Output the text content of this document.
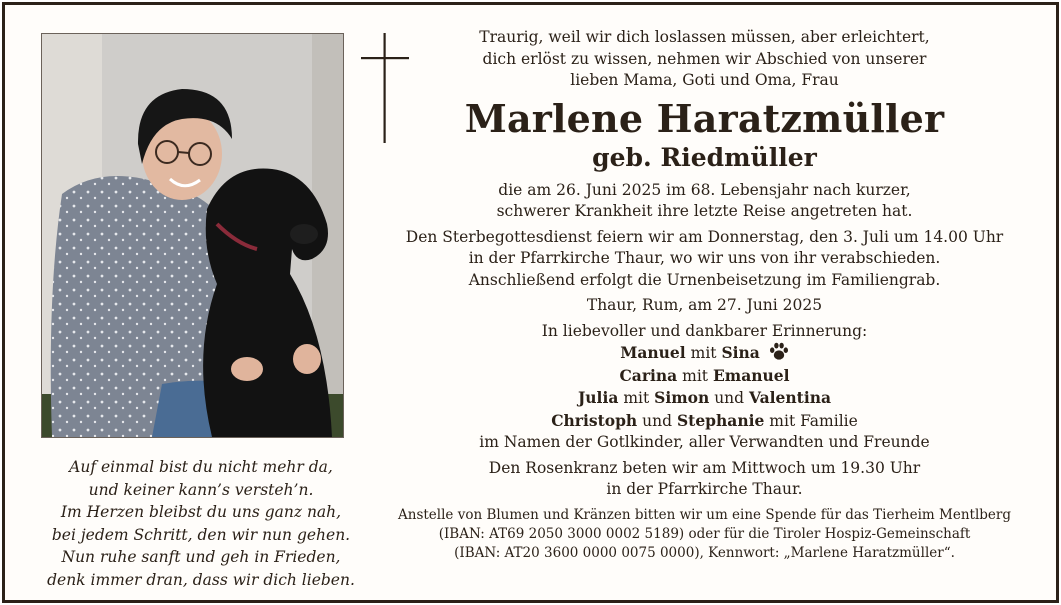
Auf einmal bist du nicht mehr da,
und keiner kann’s versteh’n.
Im Herzen bleibst du uns ganz nah,
bei jedem Schritt, den wir nun gehen.
Nun ruhe sanft und geh in Frieden,
denk immer dran, dass wir dich lieben.
Traurig, weil wir dich loslassen müssen, aber erleichtert,
dich erlöst zu wissen, nehmen wir Abschied von unserer
lieben Mama, Goti und Oma, Frau
Marlene Haratzmüller
geb. Riedmüller
die am 26. Juni 2025 im 68. Lebensjahr nach kurzer,
schwerer Krankheit ihre letzte Reise angetreten hat.
Den Sterbegottesdienst feiern wir am Donnerstag, den 3. Juli um 14.00 Uhr
in der Pfarrkirche Thaur, wo wir uns von ihr verabschieden.
Anschließend erfolgt die Urnenbeisetzung im Familiengrab.
Thaur, Rum, am 27. Juni 2025
In liebevoller und dankbarer Erinnerung:
Manuel mit Sina
Carina mit Emanuel
Julia mit Simon und Valentina
Christoph und Stephanie mit Familie
im Namen der Gotlkinder, aller Verwandten und Freunde
Den Rosenkranz beten wir am Mittwoch um 19.30 Uhr
in der Pfarrkirche Thaur.
Anstelle von Blumen und Kränzen bitten wir um eine Spende für das Tierheim Mentlberg
(IBAN: AT69 2050 3000 0002 5189) oder für die Tiroler Hospiz-Gemeinschaft
(IBAN: AT20 3600 0000 0075 0000), Kennwort: „Marlene Haratzmüller“.
